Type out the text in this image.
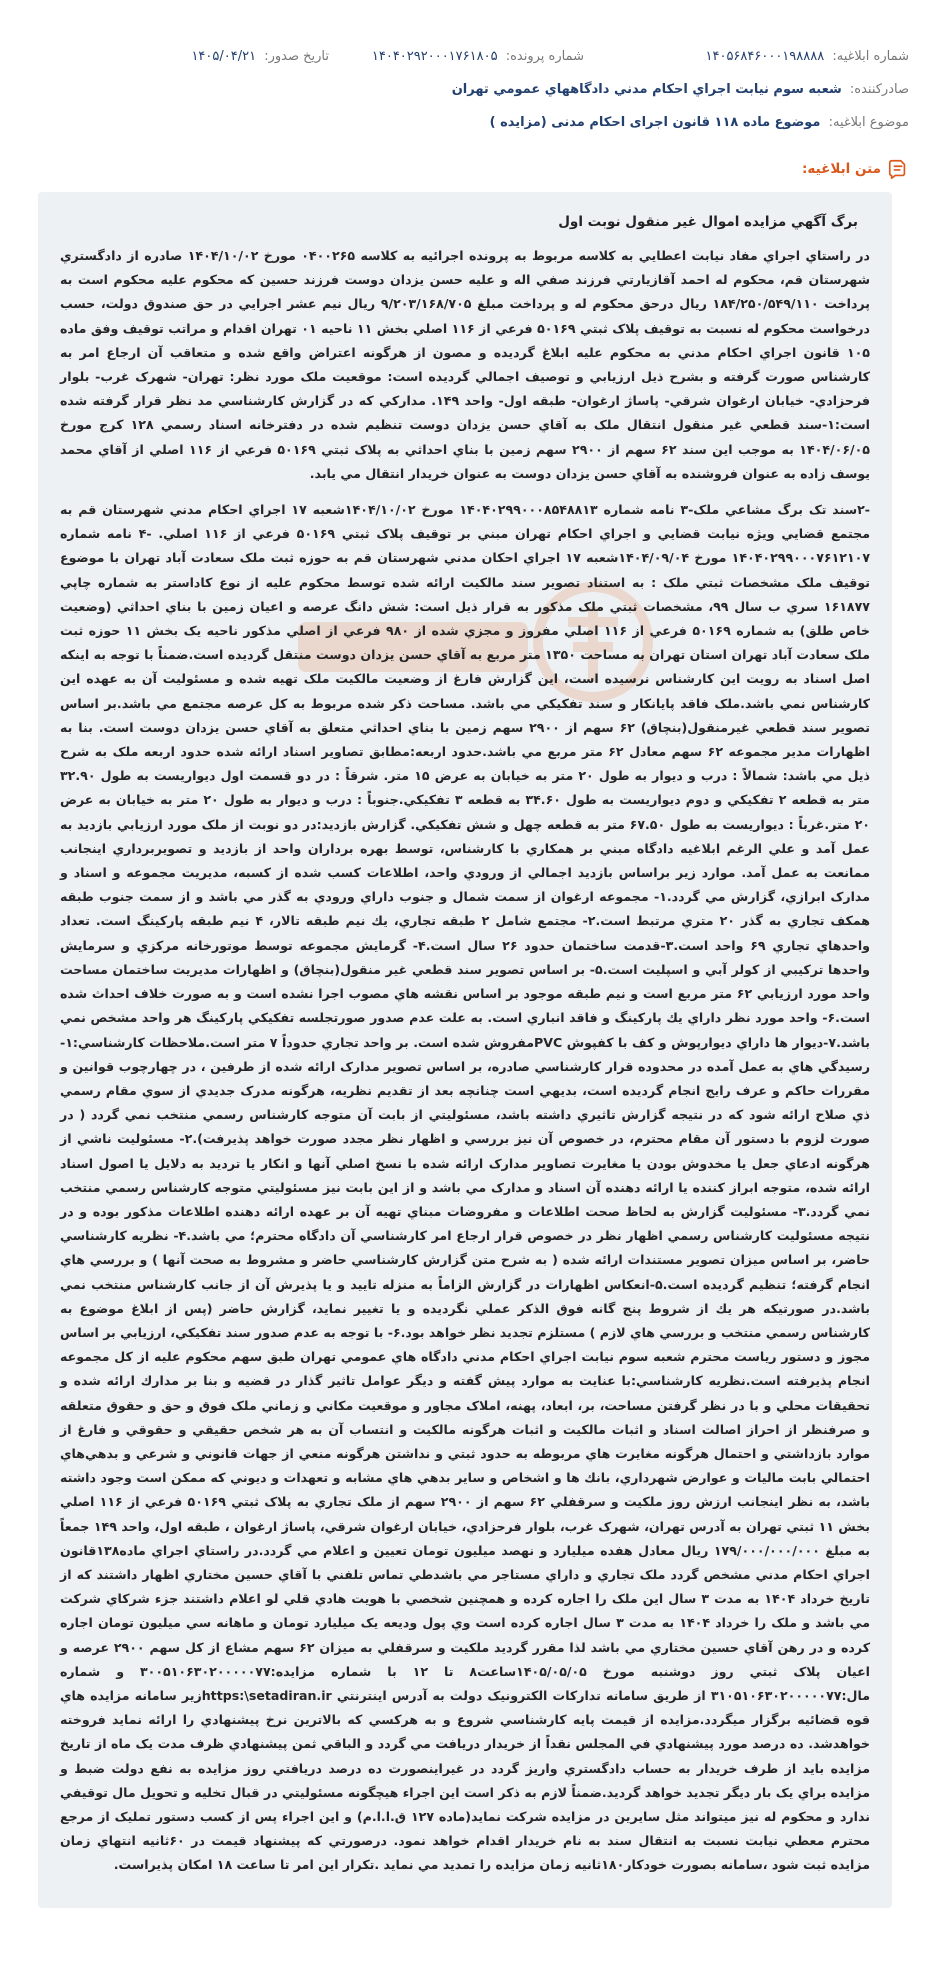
شماره ابلاغیه: ۱۴۰۵۶۸۴۶۰۰۰۱۹۸۸۸۸
شماره پرونده: ۱۴۰۴۰۲۹۲۰۰۰۱۷۶۱۸۰۵
تاریخ صدور: ۱۴۰۵/۰۴/۲۱
صادرکننده: شعبه سوم نيابت اجراي احكام مدني دادگاههاي عمومي تهران
موضوع ابلاغیه: موضوع ماده ۱۱۸ قانون اجرای احکام مدنی (مزایده )
متن ابلاغیه:
برگ آگهي مزايده اموال غير منقول نوبت اول

در راستاي اجراي مفاد نيابت اعطايي به کلاسه مربوط به پرونده اجرائيه به کلاسه ۰۴۰۰۲۶۵ مورخ ۱۴۰۴/۱۰/۰۲ صادره از دادگستري شهرستان قم، محکوم له احمد آقازيارتي فرزند صفي اله و عليه حسن يزدان دوست فرزند حسين که محکوم عليه محکوم است به پرداخت ۱۸۴/۲۵۰/۵۴۹/۱۱۰ ريال درحق محکوم له و پرداخت مبلغ ۹/۲۰۳/۱۶۸/۷۰۵ ريال نيم عشر اجرايي در حق صندوق دولت، حسب درخواست محکوم له نسبت به توقيف پلاک ثبتي ۵۰۱۶۹ فرعي از ۱۱۶ اصلي بخش ۱۱ ناحيه ۰۱ تهران اقدام و مراتب توقيف وفق ماده ۱۰۵ قانون اجراي احکام مدني به محکوم عليه ابلاغ گرديده و مصون از هرگونه اعتراض واقع شده و متعاقب آن ارجاع امر به کارشناس صورت گرفته و بشرح ذيل ارزيابي و توصيف اجمالي گرديده است: موقعيت ملک مورد نظر: تهران- شهرک غرب- بلوار فرحزادي- خيابان ارغوان شرقي- پاساژ ارغوان- طبقه اول- واحد ۱۴۹. مدارکي که در گزارش کارشناسي مد نظر قرار گرفته شده است:۱-سند قطعي غير منقول انتقال ملک به آقاي حسن يزدان دوست تنظيم شده در دفترخانه اسناد رسمي ۱۲۸ کرج مورخ ۱۴۰۴/۰۶/۰۵ به موجب اين سند ۶۲ سهم از ۲۹۰۰ سهم زمين با بناي احداثي به پلاک ثبتي ۵۰۱۶۹ فرعي از ۱۱۶ اصلي از آقاي محمد يوسف زاده به عنوان فروشنده به آقاي حسن يزدان دوست به عنوان خريدار انتقال مي يابد.

-۲سند تک برگ مشاعي ملک-۳ نامه شماره ۱۴۰۴۰۲۹۹۰۰۰۸۵۴۸۸۱۳ مورخ ۱۴۰۴/۱۰/۰۲شعبه ۱۷ اجراي احکام مدني شهرستان قم به مجتمع قضايي ويژه نيابت قضايي و اجراي احکام تهران مبني بر توقيف پلاک ثبتي ۵۰۱۶۹ فرعي از ۱۱۶ اصلي. -۴ نامه شماره ۱۴۰۴۰۲۹۹۰۰۰۷۶۱۲۱۰۷ مورخ ۱۴۰۴/۰۹/۰۴شعبه ۱۷ اجراي احکان مدني شهرستان قم به حوزه ثبت ملک سعادت آباد تهران با موضوع توقيف ملک مشخصات ثبتي ملک : به استناد تصوير سند مالکيت ارائه شده توسط محکوم عليه از نوع کاداستر به شماره چاپي ۱۶۱۸۷۷ سري ب سال ۹۹، مشخصات ثبتي ملک مذکور به قرار ذيل است: شش دانگ عرصه و اعيان زمين با بناي احداثي (وضعيت خاص طلق) به شماره ۵۰۱۶۹ فرعي از ۱۱۶ اصلي مفروز و مجزي شده از ۹۸۰ فرعي از اصلي مذکور ناحيه يک بخش ۱۱ حوزه ثبت ملک سعادت آباد تهران استان تهران به مساحت ۱۳۵۰ متر مربع به آقاي حسن يزدان دوست منتقل گرديده است.ضمناً با توجه به اينکه اصل اسناد به رويت اين کارشناس نرسيده است، اين گزارش فارغ از وضعيت مالکيت ملک تهيه شده و مسئوليت آن به عهده اين کارشناس نمي باشد.ملک فاقد پايانکار و سند تفکيکي مي باشد. مساحت ذکر شده مربوط به کل عرصه مجتمع مي باشد.بر اساس تصوير سند قطعي غيرمنقول(بنچاق) ۶۲ سهم از ۲۹۰۰ سهم زمين با بناي احداثي متعلق به آقاي حسن يزدان دوست است. بنا به اظهارات مدير مجموعه ۶۲ سهم معادل ۶۲ متر مربع مي باشد.حدود اربعه:مطابق تصاوير اسناد ارائه شده حدود اربعه ملک به شرح ذيل مي باشد: شمالاً : درب و ديوار به طول ۲۰ متر به خيابان به عرض ۱۵ متر. شرقاً : در دو قسمت اول ديواريست به طول ۳۲.۹۰ متر به قطعه ۲ تفکيکي و دوم ديواريست به طول ۳۴.۶۰ به قطعه ۳ تفکيکي.جنوباً : درب و ديوار به طول ۲۰ متر به خيابان به عرض ۲۰ متر.غرباً : ديواريست به طول ۶۷.۵۰ متر به قطعه چهل و شش تفکيکي. گزارش بازديد:در دو نوبت از ملک مورد ارزيابي بازديد به عمل آمد و علي الرغم ابلاغيه دادگاه مبني بر همکاري با کارشناس، توسط بهره برداران واحد از بازديد و تصويربرداري اينجانب ممانعت به عمل آمد. موارد زير براساس بازديد اجمالي از ورودي واحد، اطلاعات کسب شده از کسبه، مديريت مجموعه و اسناد و مدارک ابرازي، گزارش مي گردد.۱- مجموعه ارغوان از سمت شمال و جنوب داراي ورودي به گذر مي باشد و از سمت جنوب طبقه همکف تجاري به گذر ۲۰ متري مرتبط است.۲- مجتمع شامل ۲ طبقه تجاري، يك نيم طبقه تالار، ۴ نيم طبقه پارکينگ است. تعداد واحدهاي تجاري ۶۹ واحد است.۳-قدمت ساختمان حدود ۲۶ سال است.۴- گرمايش مجموعه توسط موتورخانه مرکزي و سرمايش واحدها ترکيبي از کولر آبي و اسپليت است.۵- بر اساس تصوير سند قطعي غير منقول(بنچاق) و اظهارات مديريت ساختمان مساحت واحد مورد ارزيابي ۶۲ متر مربع است و نيم طبقه موجود بر اساس نقشه هاي مصوب اجرا نشده است و به صورت خلاف احداث شده است.۶- واحد مورد نظر داراي يك پارکينگ و فاقد انباري است. به علت عدم صدور صورتجلسه تفکيکي پارکينگ هر واحد مشخص نمي باشد.۷-ديوار ها داراي ديوارپوش و کف با کفپوش PVCمفروش شده است. بر واحد تجاري حدوداً ۷ متر است.ملاحظات کارشناسي:۱- رسيدگي هاي به عمل آمده در محدوده قرار کارشناسي صادره، بر اساس تصوير مدارک ارائه شده از طرفين ، در چهارچوب قوانين و مقررات حاکم و عرف رايج انجام گرديده است، بديهي است چنانچه بعد از تقديم نظريه، هرگونه مدرک جديدي از سوي مقام رسمي ذي صلاح ارائه شود که در نتيجه گزارش تاثيري داشته باشد، مسئوليتي از بابت آن متوجه کارشناس رسمي منتخب نمي گردد ( در صورت لزوم با دستور آن مقام محترم، در خصوص آن نيز بررسي و اظهار نظر مجدد صورت خواهد پذيرفت).۲- مسئوليت ناشي از هرگونه ادعاي جعل يا مخدوش بودن يا مغايرت تصاوير مدارک ارائه شده با نسخ اصلي آنها و انکار يا ترديد به دلايل يا اصول اسناد ارائه شده، متوجه ابراز کننده يا ارائه دهنده آن اسناد و مدارک مي باشد و از اين بابت نيز مسئوليتي متوجه کارشناس رسمي منتخب نمي گردد.۳- مسئوليت گزارش به لحاظ صحت اطلاعات و مفروضات مبناي تهيه آن بر عهده ارائه دهنده اطلاعات مذکور بوده و در نتيجه مسئوليت کارشناس رسمي اظهار نظر در خصوص قرار ارجاع امر کارشناسي آن دادگاه محترم؛ مي باشد.۴- نظريه کارشناسي حاضر، بر اساس ميزان تصوير مستندات ارائه شده ( به شرح متن گزارش کارشناسي حاضر و مشروط به صحت آنها ) و بررسي هاي انجام گرفته؛ تنظيم گرديده است.۵-انعکاس اظهارات در گزارش الزاماً به منزله تاييد و يا پذيرش آن از جانب کارشناس منتخب نمي باشد.در صورتيکه هر يك از شروط پنج گانه فوق الذکر عملي نگرديده و يا تغيير نمايد، گزارش حاضر (پس از ابلاغ موضوع به کارشناس رسمي منتخب و بررسي هاي لازم ) مستلزم تجديد نظر خواهد بود.۶- با توجه به عدم صدور سند تفکيکي، ارزيابي بر اساس مجوز و دستور رياست محترم شعبه سوم نيابت اجراي احکام مدني دادگاه هاي عمومي تهران طبق سهم محکوم عليه از کل مجموعه انجام پذيرفته است.نظريه کارشناسي:با عنايت به موارد پيش گفته و ديگر عوامل تاثير گذار در قضيه و بنا بر مدارك ارائه شده و تحقيقات محلي و با در نظر گرفتن مساحت، بر، ابعاد، پهنه، املاک مجاور و موقعيت مکاني و زماني ملک فوق و حق و حقوق متعلقه و صرفنظر از احراز اصالت اسناد و اثبات مالکيت و اثبات هرگونه مالکيت و انتساب آن به هر شخص حقيقي و حقوقي و فارغ از موارد بازداشتي و احتمال هرگونه مغايرت هاي مربوطه به حدود ثبتي و نداشتن هرگونه منعي از جهات قانوني و شرعي و بدهي‌هاي احتمالي بابت ماليات و عوارض شهرداري، بانك ها و اشخاص و ساير بدهي هاي مشابه و تعهدات و ديوني كه ممكن است وجود داشته باشد، به نظر اينجانب ارزش روز ملکيت و سرقفلي ۶۲ سهم از ۲۹۰۰ سهم از ملک تجاري به پلاک ثبتي ۵۰۱۶۹ فرعي از ۱۱۶ اصلي بخش ۱۱ ثبتي تهران به آدرس تهران، شهرک غرب، بلوار فرحزادي، خيابان ارغوان شرقي، پاساژ ارغوان ، طبقه اول، واحد ۱۴۹ جمعاً به مبلغ ۱۷۹/۰۰۰/۰۰۰/۰۰۰ ريال معادل هفده ميليارد و نهصد ميليون تومان تعيين و اعلام مي گردد.در راستاي اجراي ماده۱۳۸قانون اجراي احکام مدني مشخص گردد ملک تجاري و داراي مستاجر مي باشدطي تماس تلفني با آقاي حسين مختاري اظهار داشتند که از تاريخ خرداد ۱۴۰۴ به مدت ۳ سال اين ملک را اجاره کرده و همچنين شخصي با هويت هادي قلي لو اعلام داشتند جزء شرکاي شرکت مي باشد و ملک را خرداد ۱۴۰۴ به مدت ۳ سال اجاره کرده است وي پول وديعه يک ميليارد تومان و ماهانه سي ميليون تومان اجاره کرده و در رهن آقاي حسين مختاري مي باشد لذا مقرر گرديد ملکيت و سرقفلي به ميزان ۶۲ سهم مشاع از کل سهم ۲۹۰۰ عرصه و اعيان پلاک ثبتي روز دوشنبه مورخ ۱۴۰۵/۰۵/۰۵ساعت۸ تا ۱۲ با شماره مزايده:۳۰۰۵۱۰۶۳۰۲۰۰۰۰۰۷۷ و شماره مال:۳۱۰۵۱۰۶۳۰۲۰۰۰۰۰۷۷ از طريق سامانه تدارکات الکترونيک دولت به آدرس اينترنتي https:\setadiran.irزير سامانه مزايده هاي قوه قضائيه برگزار ميگردد.مزايده از قيمت پايه کارشناسي شروع و به هرکسي که بالاترين نرخ پيشنهادي را ارائه نمايد فروخته خواهدشد. ده درصد مورد پيشنهادي في المجلس نقداً از خريدار دريافت مي گردد و الباقي ثمن پيشنهادي ظرف مدت يک ماه از تاريخ مزايده بايد از طرف خريدار به حساب دادگستري واريز گردد در غيراينصورت ده درصد دريافتي روز مزايده به نفع دولت ضبط و مزايده براي يک بار ديگر تجديد خواهد گرديد.ضمناً لازم به ذکر است اين اجراء هيچگونه مسئوليتي در قبال تخليه و تحويل مال توقيفي ندارد و محکوم له نيز ميتواند مثل سايرين در مزايده شرکت نمايد(ماده ۱۲۷ ق.ا.ا.م) و اين اجراء پس از کسب دستور تمليک از مرجع محترم معطي نيابت نسبت به انتقال سند به نام خريدار اقدام خواهد نمود. درصورتي که پيشنهاد قيمت در ۶۰ثانيه انتهاي زمان مزايده ثبت شود ،سامانه بصورت خودکار۱۸۰ثانيه زمان مزايده را تمديد مي نمايد .تکرار اين امر تا ساعت ۱۸ امکان پذيراست.
